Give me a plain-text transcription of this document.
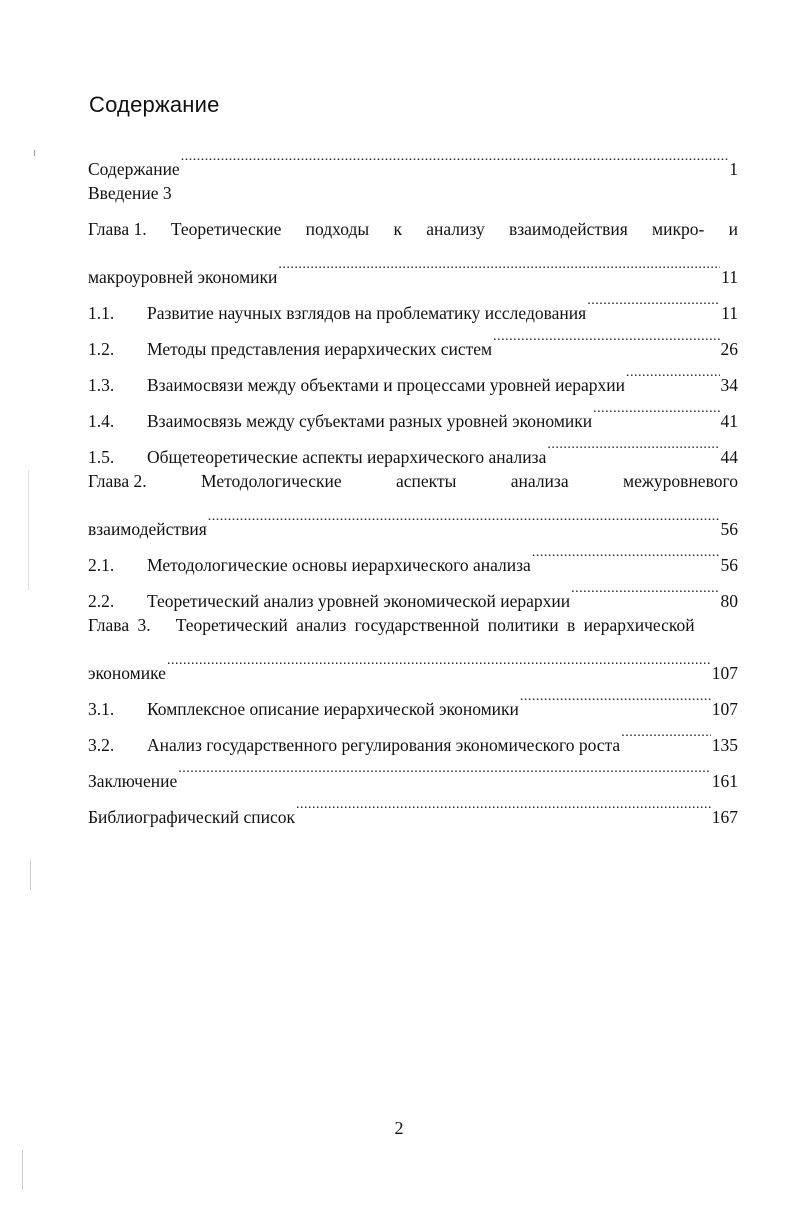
Содержание
Содержание .....	1
Введение 3
Глава 1. Теоретические подходы к анализу взаимодействия микро- и
макроуровней экономики .....	11
1.1.	Развитие научных взглядов на проблематику исследования .....	11
1.2.	Методы представления иерархических систем .....	26
1.3.	Взаимосвязи между объектами и процессами уровней иерархии .....	34
1.4.	Взаимосвязь между субъектами разных уровней экономики .....	41
1.5.	Общетеоретические аспекты иерархического анализа .....	44
Глава 2.	Методологические	аспекты	анализа	межуровневого
взаимодействия .....	56
2.1.	Методологические основы иерархического анализа .....	56
2.2.	Теоретический анализ уровней экономической иерархии .....	80
Глава 3.   Теоретический анализ государственной политики в иерархической
экономике .....	107
3.1.	Комплексное описание иерархической экономики .....	107
3.2.	Анализ государственного регулирования экономического роста .....	135
Заключение .....	161
Библиографический список .....	167
2
